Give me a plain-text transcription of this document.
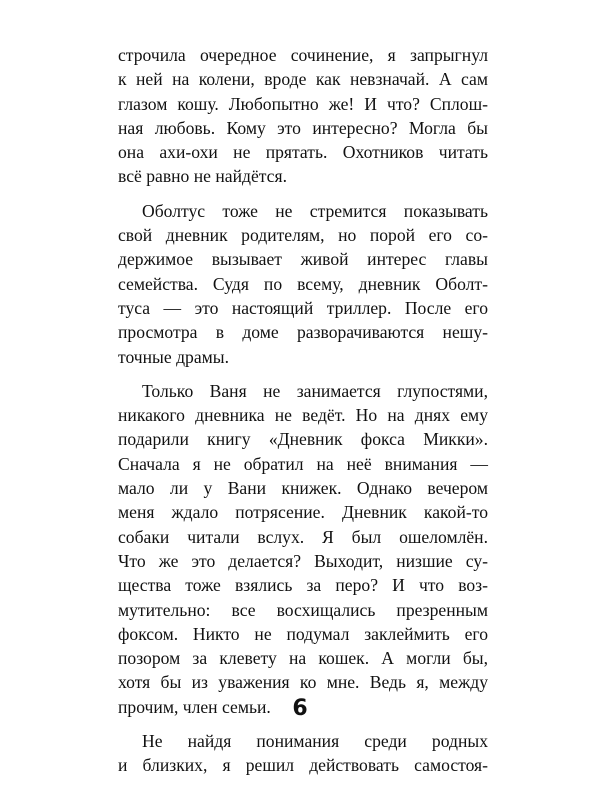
строчила очередное сочинение, я запрыгнул
к ней на колени, вроде как невзначай. А сам
глазом кошу. Любопытно же! И что? Сплош-
ная любовь. Кому это интересно? Могла бы
она ахи-охи не прятать. Охотников читать
всё равно не найдётся.
Оболтус тоже не стремится показывать
свой дневник родителям, но порой его со-
держимое вызывает живой интерес главы
семейства. Судя по всему, дневник Оболт-
туса — это настоящий триллер. После его
просмотра в доме разворачиваются нешу-
точные драмы.
Только Ваня не занимается глупостями,
никакого дневника не ведёт. Но на днях ему
подарили книгу «Дневник фокса Микки».
Сначала я не обратил на неё внимания —
мало ли у Вани книжек. Однако вечером
меня ждало потрясение. Дневник какой-то
собаки читали вслух. Я был ошеломлён.
Что же это делается? Выходит, низшие су-
щества тоже взялись за перо? И что воз-
мутительно: все восхищались презренным
фоксом. Никто не подумал заклеймить его
позором за клевету на кошек. А могли бы,
хотя бы из уважения ко мне. Ведь я, между
прочим, член семьи.
Не найдя понимания среди родных
и близких, я решил действовать самостоя-
6
